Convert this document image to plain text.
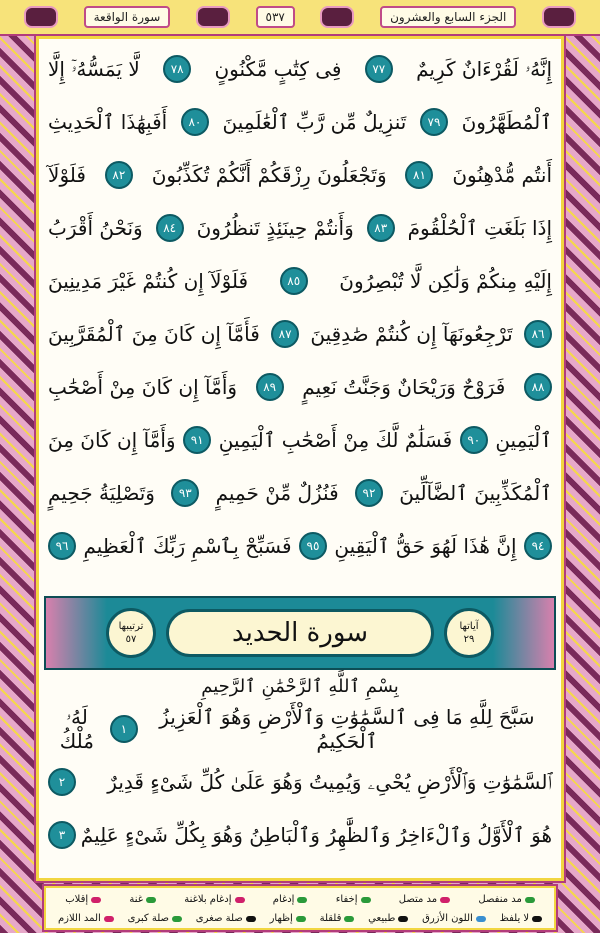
سورة الواقعة	٥٣٧	الجزء السابع والعشرون
إِنَّهُۥ لَقُرْءَانٌ كَرِيمٌ
٧٧
فِى كِتَٰبٍ مَّكْنُونٍ
٧٨
لَّا يَمَسُّهُۥٓ إِلَّا
ٱلْمُطَهَّرُونَ
٧٩
تَنزِيلٌ مِّن رَّبِّ ٱلْعَٰلَمِينَ
٨٠
أَفَبِهَٰذَا ٱلْحَدِيثِ
أَنتُم مُّدْهِنُونَ
٨١
وَتَجْعَلُونَ رِزْقَكُمْ أَنَّكُمْ تُكَذِّبُونَ
٨٢
فَلَوْلَآ
إِذَا بَلَغَتِ ٱلْحُلْقُومَ
٨٣
وَأَنتُمْ حِينَئِذٍ تَنظُرُونَ
٨٤
وَنَحْنُ أَقْرَبُ
إِلَيْهِ مِنكُمْ وَلَٰكِن لَّا تُبْصِرُونَ
٨٥
فَلَوْلَآ إِن كُنتُمْ غَيْرَ مَدِينِينَ
٨٦
تَرْجِعُونَهَآ إِن كُنتُمْ صَٰدِقِينَ
٨٧
فَأَمَّآ إِن كَانَ مِنَ ٱلْمُقَرَّبِينَ
٨٨
فَرَوْحٌ وَرَيْحَانٌ وَجَنَّتُ نَعِيمٍ
٨٩
وَأَمَّآ إِن كَانَ مِنْ أَصْحَٰبِ
ٱلْيَمِينِ
٩٠
فَسَلَٰمٌ لَّكَ مِنْ أَصْحَٰبِ ٱلْيَمِينِ
٩١
وَأَمَّآ إِن كَانَ مِنَ
ٱلْمُكَذِّبِينَ ٱلضَّآلِّينَ
٩٢
فَنُزُلٌ مِّنْ حَمِيمٍ
٩٣
وَتَصْلِيَةُ جَحِيمٍ
٩٤
إِنَّ هَٰذَا لَهُوَ حَقُّ ٱلْيَقِينِ
٩٥
فَسَبِّحْ بِٱسْمِ رَبِّكَ ٱلْعَظِيمِ
٩٦
ترتيبها
٥٧	سورة الحديد	آياتها
٢٩
بِسْمِ ٱللَّهِ ٱلرَّحْمَٰنِ ٱلرَّحِيمِ
سَبَّحَ لِلَّهِ مَا فِى ٱلسَّمَٰوَٰتِ وَٱلْأَرْضِ وَهُوَ ٱلْعَزِيزُ ٱلْحَكِيمُ
١
لَهُۥ مُلْكُ
ٱلسَّمَٰوَٰتِ وَٱلْأَرْضِ يُحْىِۦ وَيُمِيتُ وَهُوَ عَلَىٰ كُلِّ شَىْءٍ قَدِيرٌ
٢
هُوَ ٱلْأَوَّلُ وَٱلْءَاخِرُ وَٱلظَّٰهِرُ وَٱلْبَاطِنُ وَهُوَ بِكُلِّ شَىْءٍ عَلِيمٌ
٣
مد منفصل
مد متصل
إخفاء
إدغام
إدغام بلاغنة
غنة
إقلاب
لا يلفظ
اللون الأزرق
طبيعي
قلقلة
إظهار
صلة صغرى
صلة كبرى
المد اللازم
